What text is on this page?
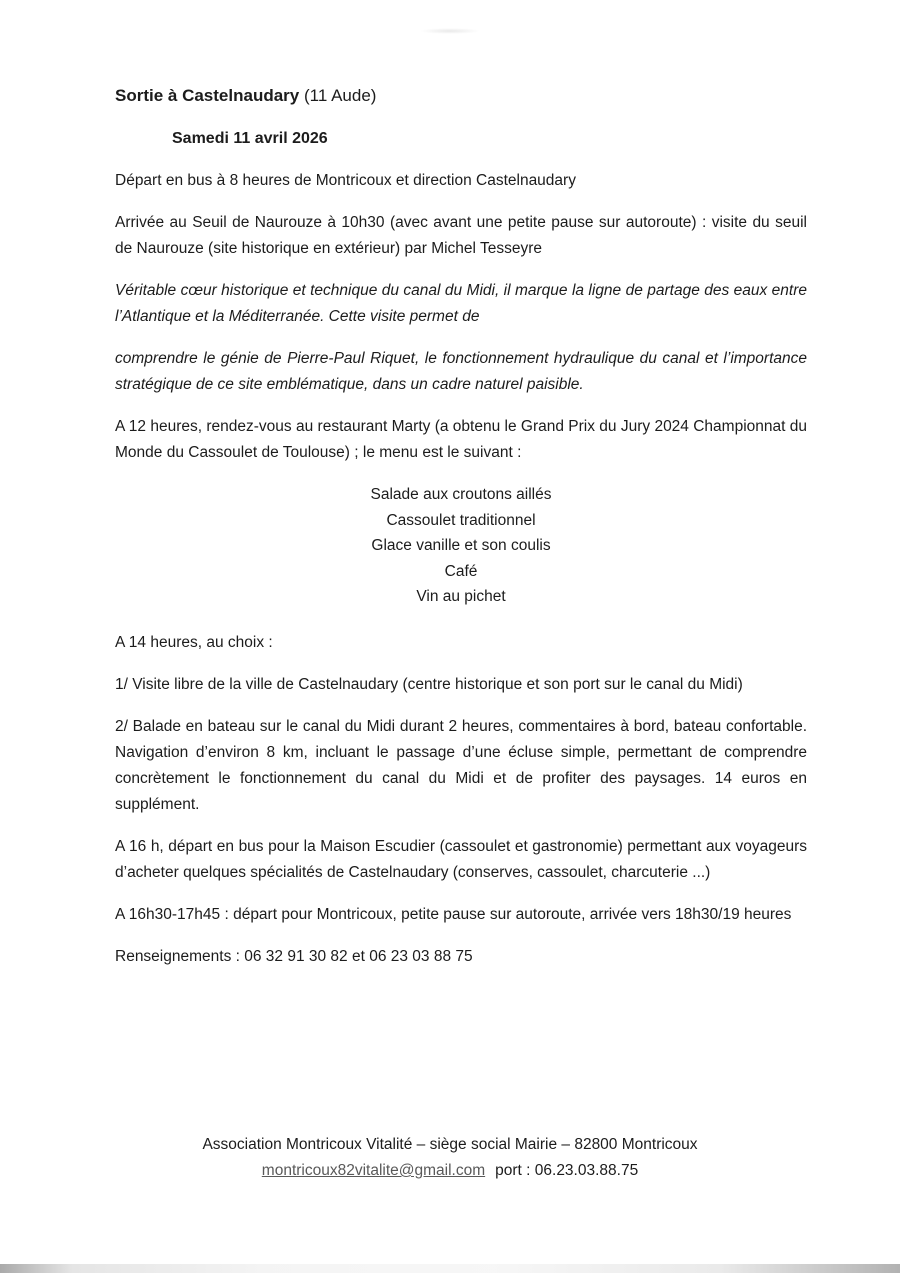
Sortie à Castelnaudary (11 Aude)
Samedi 11 avril 2026

Départ en bus à 8 heures de Montricoux et direction Castelnaudary

Arrivée au Seuil de Naurouze à 10h30 (avec avant une petite pause sur autoroute) : visite du seuil de Naurouze (site historique en extérieur) par Michel Tesseyre

Véritable cœur historique et technique du canal du Midi, il marque la ligne de partage des eaux entre l’Atlantique et la Méditerranée. Cette visite permet de

comprendre le génie de Pierre-Paul Riquet, le fonctionnement hydraulique du canal et l’importance stratégique de ce site emblématique, dans un cadre naturel paisible.

A 12 heures, rendez-vous au restaurant Marty (a obtenu le Grand Prix du Jury 2024 Championnat du Monde du Cassoulet de Toulouse) ; le menu est le suivant :

Salade aux croutons aillés
Cassoulet traditionnel
Glace vanille et son coulis
Café
Vin au pichet

A 14 heures, au choix :

1/ Visite libre de la ville de Castelnaudary (centre historique et son port sur le canal du Midi)

2/ Balade en bateau sur le canal du Midi durant 2 heures, commentaires à bord, bateau confortable. Navigation d’environ 8 km, incluant le passage d’une écluse simple, permettant de comprendre concrètement le fonctionnement du canal du Midi et de profiter des paysages. 14 euros en supplément.

A 16 h, départ en bus pour la Maison Escudier (cassoulet et gastronomie) permettant aux voyageurs d’acheter quelques spécialités de Castelnaudary (conserves, cassoulet, charcuterie ...)

A 16h30-17h45 : départ pour Montricoux, petite pause sur autoroute, arrivée vers 18h30/19 heures

Renseignements : 06 32 91 30 82 et 06 23 03 88 75

Association Montricoux Vitalité – siège social Mairie – 82800 Montricoux
montricoux82vitalite@gmail.com port : 06.23.03.88.75
